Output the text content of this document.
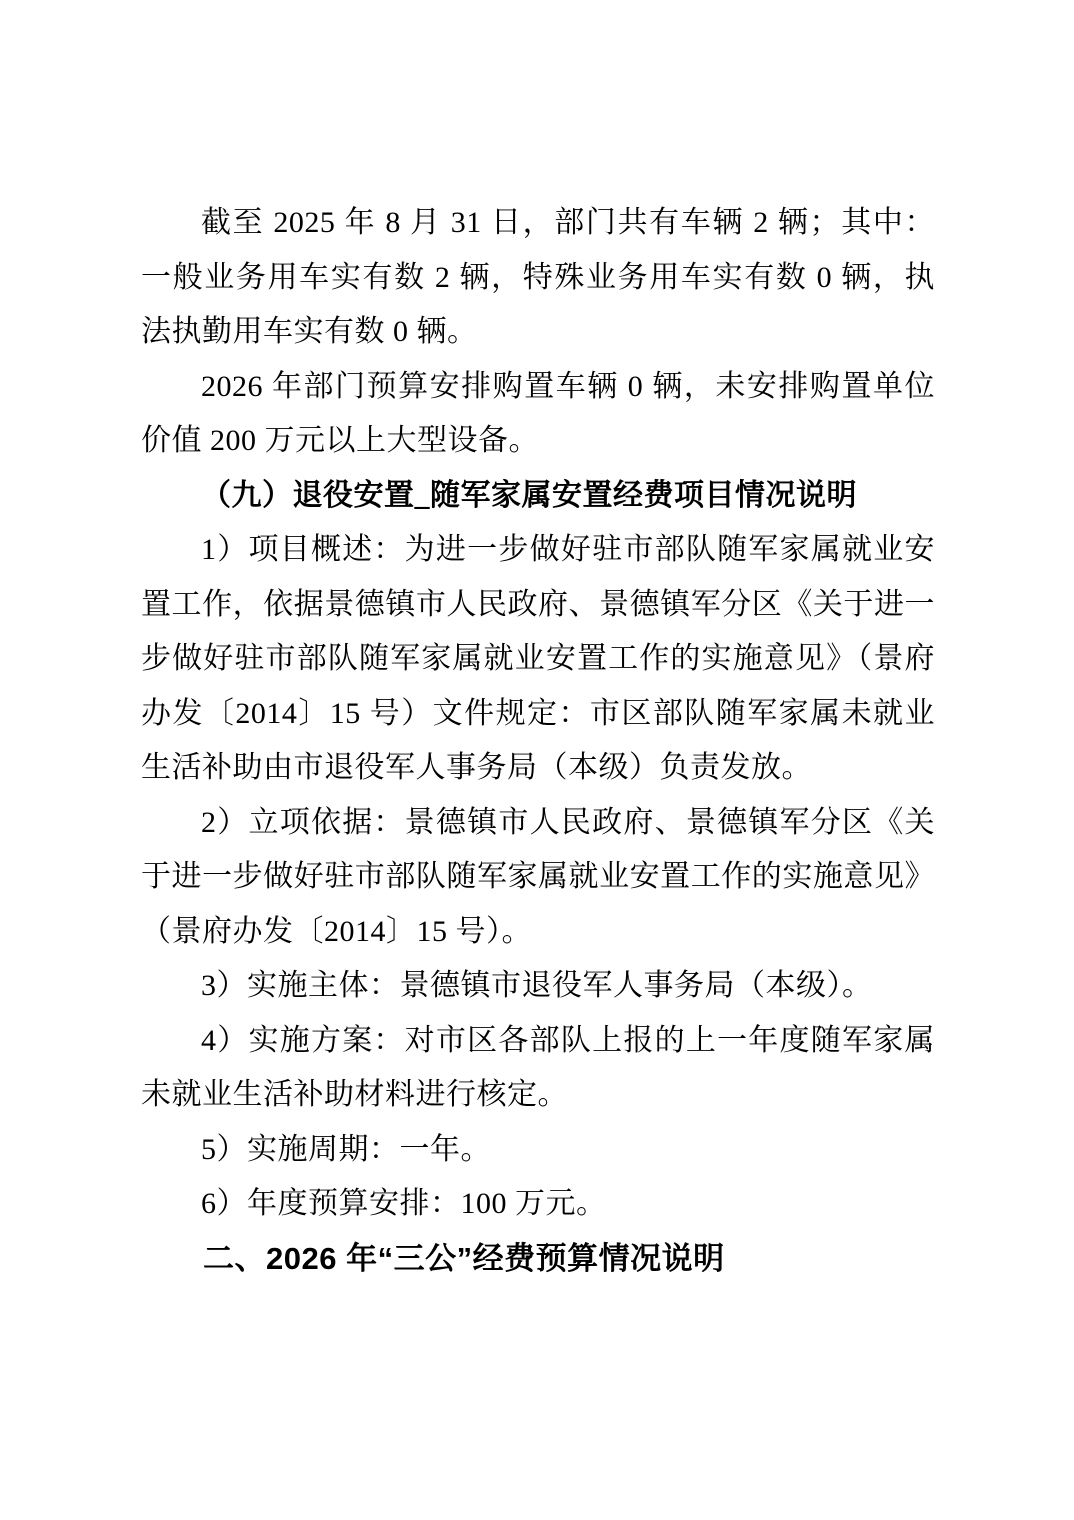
截至 2025 年 8 月 31 日，部门共有车辆 2 辆；其中：一般业务用车实有数 2 辆，特殊业务用车实有数 0 辆，执法执勤用车实有数 0 辆。

2026 年部门预算安排购置车辆 0 辆，未安排购置单位价值 200 万元以上大型设备。

（九）退役安置_随军家属安置经费项目情况说明

1）项目概述：为进一步做好驻市部队随军家属就业安置工作，依据景德镇市人民政府、景德镇军分区《关于进一步做好驻市部队随军家属就业安置工作的实施意见》（景府办发〔2014〕15 号）文件规定：市区部队随军家属未就业生活补助由市退役军人事务局（本级）负责发放。

2）立项依据：景德镇市人民政府、景德镇军分区《关于进一步做好驻市部队随军家属就业安置工作的实施意见》（景府办发〔2014〕15 号）。

3）实施主体：景德镇市退役军人事务局（本级）。

4）实施方案：对市区各部队上报的上一年度随军家属未就业生活补助材料进行核定。

5）实施周期：一年。

6）年度预算安排：100 万元。

二、2026 年“三公”经费预算情况说明
